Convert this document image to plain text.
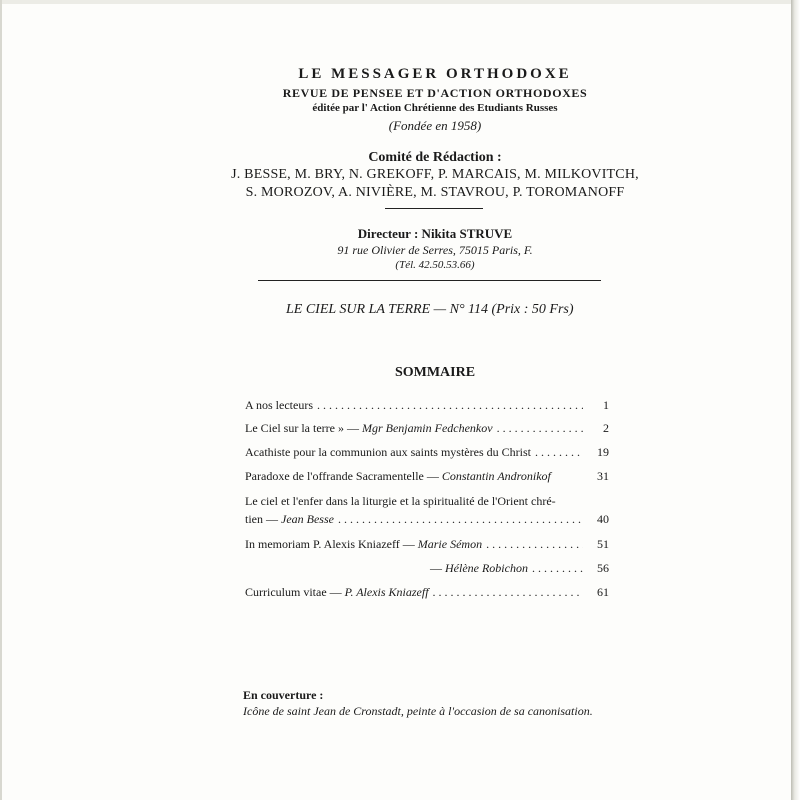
LE MESSAGER ORTHODOXE
REVUE DE PENSEE ET D'ACTION ORTHODOXES
éditée par l' Action Chrétienne des Etudiants Russes
(Fondée en 1958)
Comité de Rédaction :
J. BESSE, M. BRY, N. GREKOFF, P. MARCAIS, M. MILKOVITCH,
S. MOROZOV, A. NIVIÈRE, M. STAVROU, P. TOROMANOFF
Directeur : Nikita STRUVE
91 rue Olivier de Serres, 75015 Paris, F.
(Tél. 42.50.53.66)
LE CIEL SUR LA TERRE — N° 114 (Prix : 50 Frs)
SOMMAIRE
A nos lecteurs . . .	1
Le Ciel sur la terre » — Mgr Benjamin Fedchenkov . . .	2
Acathiste pour la communion aux saints mystères du Christ . . .	19
Paradoxe de l'offrande Sacramentelle — Constantin Andronikof	31
Le ciel et l'enfer dans la liturgie et la spiritualité de l'Orient chré-
tien — Jean Besse . . .	40
In memoriam P. Alexis Kniazeff — Marie Sémon . . .	51
— Hélène Robichon . . .	56
Curriculum vitae — P. Alexis Kniazeff . . .	61
En couverture :
Icône de saint Jean de Cronstadt, peinte à l'occasion de sa canonisation.
